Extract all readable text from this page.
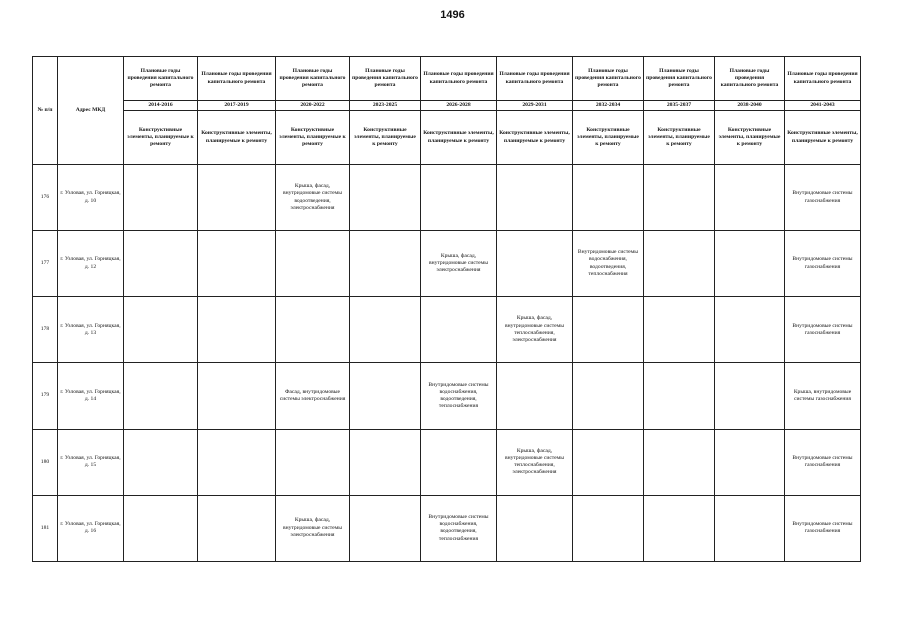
1496
№ п/п	Адрес МКД	Плановые годы проведения капитального ремонта	Плановые годы проведения капитального ремонта	Плановые годы проведения капитального ремонта	Плановые годы проведения капитального ремонта	Плановые годы проведения капитального ремонта	Плановые годы проведения капитального ремонта	Плановые годы проведения капитального ремонта	Плановые годы проведения капитального ремонта	Плановые годы проведения капитального ремонта	Плановые годы проведения капитального ремонта
		2014-2016	2017-2019	2020-2022	2023-2025	2026-2028	2029-2031	2032-2034	2035-2037	2038-2040	2041-2043
		Конструктивные элементы, планируемые к ремонту	Конструктивные элементы, планируемые к ремонту	Конструктивные элементы, планируемые к ремонту	Конструктивные элементы, планируемые к ремонту	Конструктивные элементы, планируемые к ремонту	Конструктивные элементы, планируемые к ремонту	Конструктивные элементы, планируемые к ремонту	Конструктивные элементы, планируемые к ремонту	Конструктивные элементы, планируемые к ремонту	Конструктивные элементы, планируемые к ремонту
176	г. Узловая, ул. Горняцкая, д. 10			Крыша, фасад, внутридомовые системы водоотведения, электроснабжения							Внутридомовые системы газоснабжения
177	г. Узловая, ул. Горняцкая, д. 12					Крыша, фасад, внутридомовые системы электроснабжения		Внутридомовые системы водоснабжения, водоотведения, теплоснабжения			Внутридомовые системы газоснабжения
178	г. Узловая, ул. Горняцкая, д. 13						Крыша, фасад, внутридомовые системы теплоснабжения, электроснабжения				Внутридомовые системы газоснабжения
179	г. Узловая, ул. Горняцкая, д. 14			Фасад, внутридомовые системы электроснабжения		Внутридомовые системы водоснабжения, водоотведения, теплоснабжения					Крыша, внутридомовые системы газоснабжения
180	г. Узловая, ул. Горняцкая, д. 15						Крыша, фасад, внутридомовые системы теплоснабжения, электроснабжения				Внутридомовые системы газоснабжения
181	г. Узловая, ул. Горняцкая, д. 16			Крыша, фасад, внутридомовые системы электроснабжения		Внутридомовые системы водоснабжения, водоотведения, теплоснабжения					Внутридомовые системы газоснабжения
